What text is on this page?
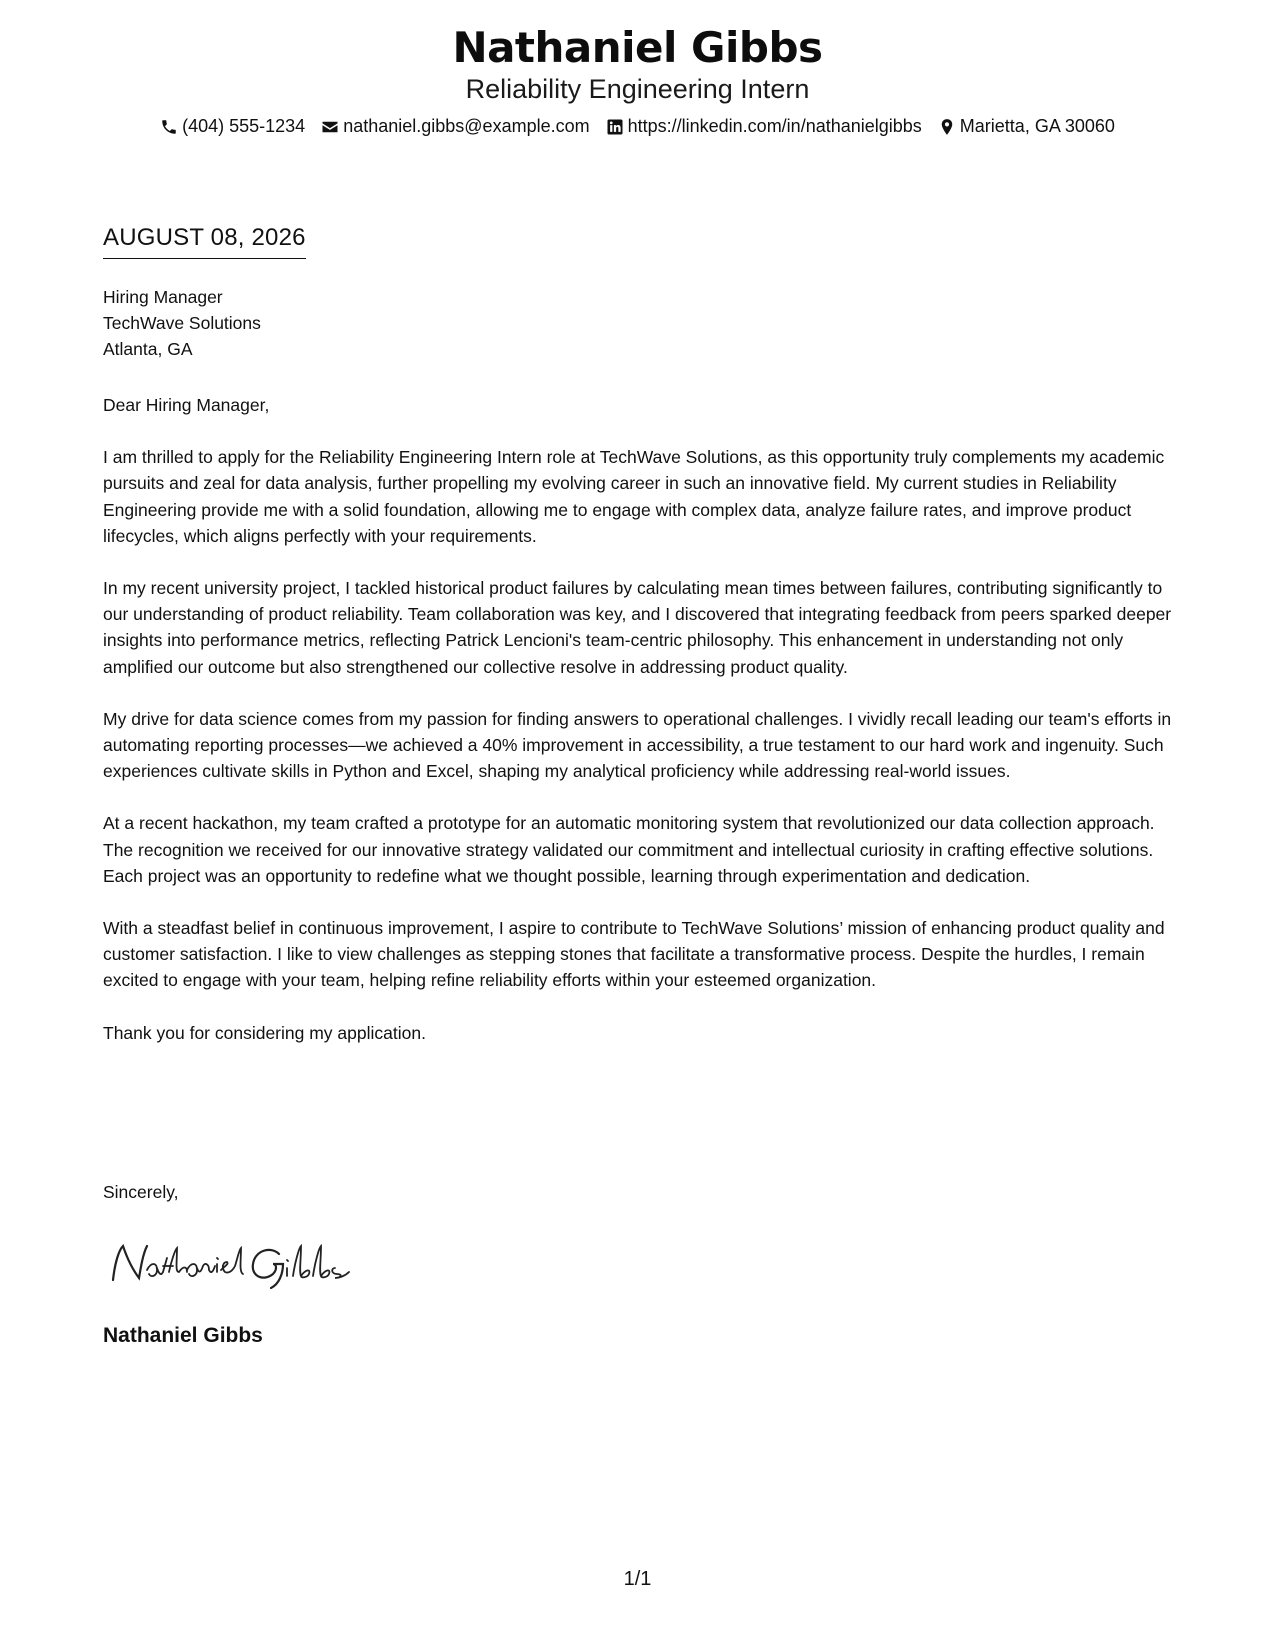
Nathaniel Gibbs
Reliability Engineering Intern
(404) 555-1234 nathaniel.gibbs@example.com https://linkedin.com/in/nathanielgibbs Marietta, GA 30060
AUGUST 08, 2026
Hiring Manager
TechWave Solutions
Atlanta, GA

Dear Hiring Manager,

I am thrilled to apply for the Reliability Engineering Intern role at TechWave Solutions, as this opportunity truly complements my academic pursuits and zeal for data analysis, further propelling my evolving career in such an innovative field. My current studies in Reliability Engineering provide me with a solid foundation, allowing me to engage with complex data, analyze failure rates, and improve product lifecycles, which aligns perfectly with your requirements.

In my recent university project, I tackled historical product failures by calculating mean times between failures, contributing significantly to our understanding of product reliability. Team collaboration was key, and I discovered that integrating feedback from peers sparked deeper insights into performance metrics, reflecting Patrick Lencioni's team-centric philosophy. This enhancement in understanding not only amplified our outcome but also strengthened our collective resolve in addressing product quality.

My drive for data science comes from my passion for finding answers to operational challenges. I vividly recall leading our team's efforts in automating reporting processes—we achieved a 40% improvement in accessibility, a true testament to our hard work and ingenuity. Such experiences cultivate skills in Python and Excel, shaping my analytical proficiency while addressing real-world issues.

At a recent hackathon, my team crafted a prototype for an automatic monitoring system that revolutionized our data collection approach. The recognition we received for our innovative strategy validated our commitment and intellectual curiosity in crafting effective solutions. Each project was an opportunity to redefine what we thought possible, learning through experimentation and dedication.

With a steadfast belief in continuous improvement, I aspire to contribute to TechWave Solutions’ mission of enhancing product quality and customer satisfaction. I like to view challenges as stepping stones that facilitate a transformative process. Despite the hurdles, I remain excited to engage with your team, helping refine reliability efforts within your esteemed organization.

Thank you for considering my application.

Sincerely,
Nathaniel Gibbs
1/1
